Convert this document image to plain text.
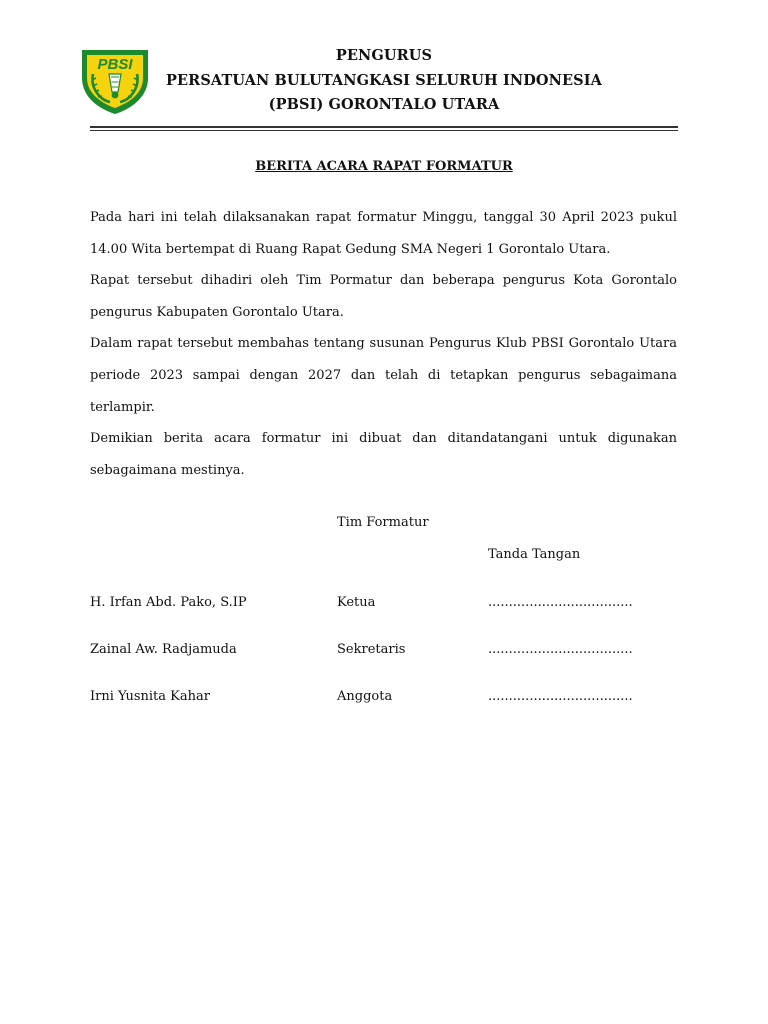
PBSI
PENGURUS
PERSATUAN BULUTANGKASI SELURUH INDONESIA
(PBSI) GORONTALO UTARA
BERITA ACARA RAPAT FORMATUR

Pada hari ini telah dilaksanakan rapat formatur Minggu, tanggal 30 April 2023 pukul 14.00 Wita bertempat di Ruang Rapat Gedung SMA Negeri 1 Gorontalo Utara.

Rapat tersebut dihadiri oleh Tim Pormatur dan beberapa pengurus Kota Gorontalo pengurus Kabupaten Gorontalo Utara.

Dalam rapat tersebut membahas tentang susunan Pengurus Klub PBSI Gorontalo Utara periode 2023 sampai dengan 2027 dan telah di tetapkan pengurus sebagaimana terlampir.

Demikian berita acara formatur ini dibuat dan ditandatangani untuk digunakan sebagaimana mestinya.

Tim Formatur
Tanda Tangan
H. Irfan Abd. Pako, S.IP	Ketua	...................................
Zainal Aw. Radjamuda	Sekretaris	...................................
Irni Yusnita Kahar	Anggota	...................................
